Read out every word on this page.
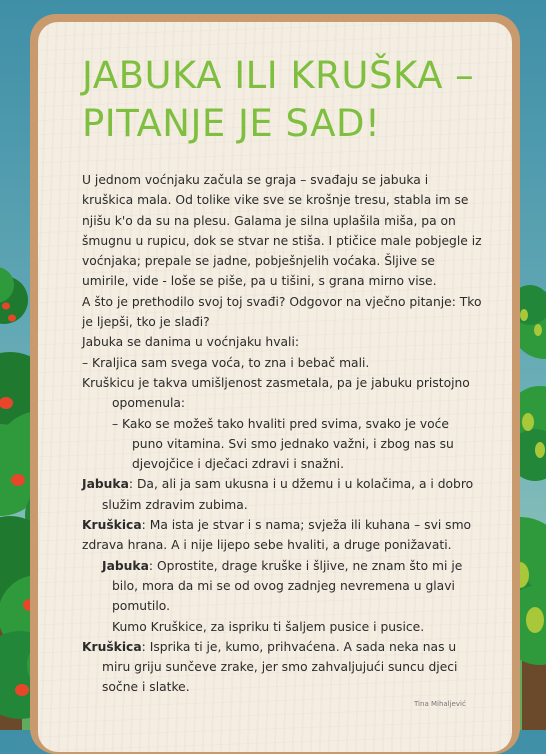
JABUKA ILI KRUŠKA –
PITANJE JE SAD!

U jednom voćnjaku začula se graja – svađaju se jabuka i kruškica mala. Od tolike vike sve se krošnje tresu, stabla im se njišu k'o da su na plesu. Galama je silna uplašila miša, pa on šmugnu u rupicu, dok se stvar ne stiša. I ptičice male pobjegle iz voćnjaka; prepale se jadne, pobješnjelih voćaka. Šljive se umirile, vide - loše se piše, pa u tišini, s grana mirno vise.

A što je prethodilo svoj toj svađi? Odgovor na vječno pitanje: Tko je ljepši, tko je slađi?

Jabuka se danima u voćnjaku hvali:

– Kraljica sam svega voća, to zna i bebač mali.

Kruškicu je takva umišljenost zasmetala, pa je jabuku pristojno opomenula:

– Kako se možeš tako hvaliti pred svima, svako je voće puno vitamina. Svi smo jednako važni, i zbog nas su djevojčice i dječaci zdravi i snažni.

Jabuka: Da, ali ja sam ukusna i u džemu i u kolačima, a i dobro služim zdravim zubima.

Kruškica: Ma ista je stvar i s nama; svježa ili kuhana – svi smo zdrava hrana. A i nije lijepo sebe hvaliti, a druge ponižavati.

Jabuka: Oprostite, drage kruške i šljive, ne znam što mi je bilo, mora da mi se od ovog zadnjeg nevremena u glavi pomutilo.

Kumo Kruškice, za ispriku ti šaljem pusice i pusice.

Kruškica: Isprika ti je, kumo, prihvaćena. A sada neka nas u miru griju sunčeve zrake, jer smo zahvaljujući suncu djeci sočne i slatke.

Tina Mihaljević
